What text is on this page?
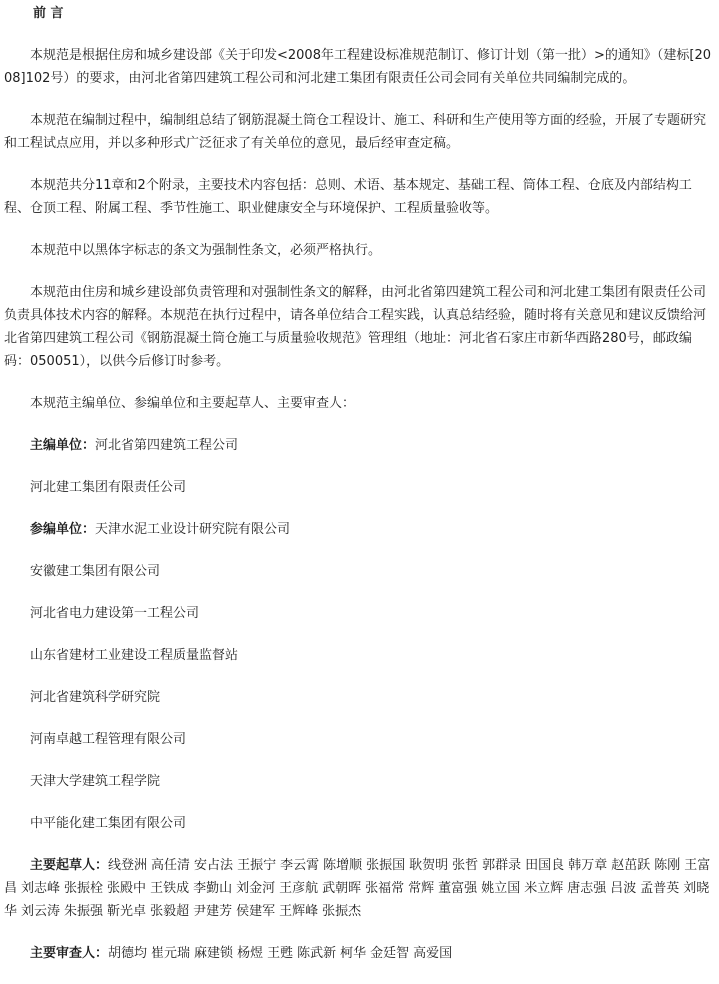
前 言

本规范是根据住房和城乡建设部《关于印发<2008年工程建设标准规范制订、修订计划（第一批）>的通知》（建标[2008]102号）的要求，由河北省第四建筑工程公司和河北建工集团有限责任公司会同有关单位共同编制完成的。

本规范在编制过程中，编制组总结了钢筋混凝土筒仓工程设计、施工、科研和生产使用等方面的经验，开展了专题研究和工程试点应用，并以多种形式广泛征求了有关单位的意见，最后经审查定稿。

本规范共分11章和2个附录，主要技术内容包括：总则、术语、基本规定、基础工程、筒体工程、仓底及内部结构工程、仓顶工程、附属工程、季节性施工、职业健康安全与环境保护、工程质量验收等。

本规范中以黑体字标志的条文为强制性条文，必须严格执行。

本规范由住房和城乡建设部负责管理和对强制性条文的解释，由河北省第四建筑工程公司和河北建工集团有限责任公司负责具体技术内容的解释。本规范在执行过程中，请各单位结合工程实践，认真总结经验，随时将有关意见和建议反馈给河北省第四建筑工程公司《钢筋混凝土筒仓施工与质量验收规范》管理组（地址：河北省石家庄市新华西路280号，邮政编码：050051），以供今后修订时参考。

本规范主编单位、参编单位和主要起草人、主要审查人：

主编单位：河北省第四建筑工程公司

河北建工集团有限责任公司

参编单位：天津水泥工业设计研究院有限公司

安徽建工集团有限公司

河北省电力建设第一工程公司

山东省建材工业建设工程质量监督站

河北省建筑科学研究院

河南卓越工程管理有限公司

天津大学建筑工程学院

中平能化建工集团有限公司

主要起草人：线登洲 高任清 安占法 王振宁 李云霄 陈增顺 张振国 耿贺明 张哲 郭群录 田国良 韩万章 赵茁跃 陈刚 王富昌 刘志峰 张振栓 张殿中 王铁成 李勤山 刘金河 王彦航 武朝晖 张福常 常辉 董富强 姚立国 米立辉 唐志强 吕波 孟普英 刘晓华 刘云涛 朱振强 靳光卓 张毅超 尹建芳 侯建军 王辉峰 张振杰

主要审查人：胡德均 崔元瑞 麻建锁 杨煜 王甦 陈武新 柯华 金廷智 高爱国
